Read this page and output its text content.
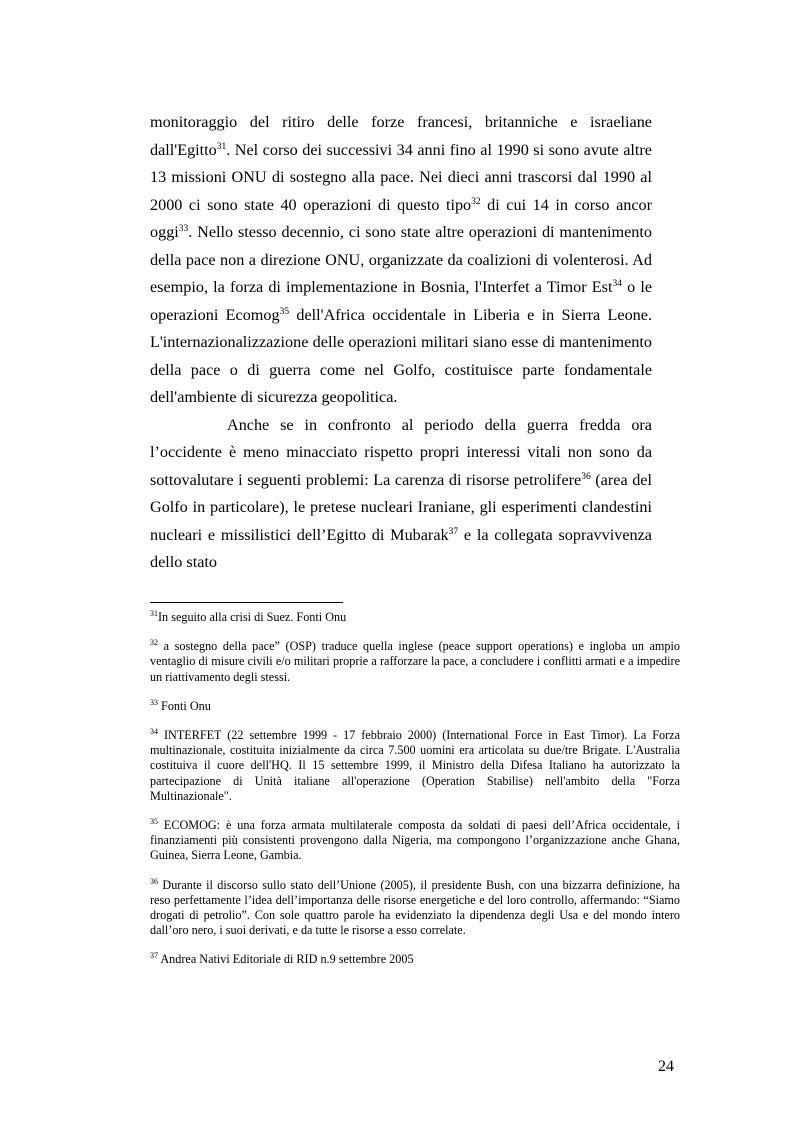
monitoraggio del ritiro delle forze francesi, britanniche e israeliane dall'Egitto$^{31}$. Nel corso dei successivi 34 anni fino al 1990 si sono avute altre 13 missioni ONU di sostegno alla pace. Nei dieci anni trascorsi dal 1990 al 2000 ci sono state 40 operazioni di questo tipo$^{32}$ di cui 14 in corso ancor oggi$^{33}$. Nello stesso decennio, ci sono state altre operazioni di mantenimento della pace non a direzione ONU, organizzate da coalizioni di volenterosi. Ad esempio, la forza di implementazione in Bosnia, l'Interfet a Timor Est$^{34}$ o le operazioni Ecomog$^{35}$ dell'Africa occidentale in Liberia e in Sierra Leone. L'internazionalizzazione delle operazioni militari siano esse di mantenimento della pace o di guerra come nel Golfo, costituisce parte fondamentale dell'ambiente di sicurezza geopolitica.

Anche se in confronto al periodo della guerra fredda ora l’occidente è meno minacciato rispetto propri interessi vitali non sono da sottovalutare i seguenti problemi: La carenza di risorse petrolifere$^{36}$ (area del Golfo in particolare), le pretese nucleari Iraniane, gli esperimenti clandestini nucleari e missilistici dell’Egitto di Mubarak$^{37}$ e la collegata sopravvivenza dello stato

$^{31}$In seguito alla crisi di Suez. Fonti Onu

$^{32}$ a sostegno della pace” (OSP) traduce quella inglese (peace support operations) e ingloba un ampio ventaglio di misure civili e/o militari proprie a rafforzare la pace, a concludere i conflitti armati e a impedire un riattivamento degli stessi.

$^{33}$ Fonti Onu

$^{34}$ INTERFET (22 settembre 1999 - 17 febbraio 2000) (International Force in East Timor). La Forza multinazionale, costituita inizialmente da circa 7.500 uomini era articolata su due/tre Brigate. L'Australia costituiva il cuore dell'HQ. Il 15 settembre 1999, il Ministro della Difesa Italiano ha autorizzato la partecipazione di Unità italiane all'operazione (Operation Stabilise) nell'ambito della "Forza Multinazionale".

$^{35}$ ECOMOG: è una forza armata multilaterale composta da soldati di paesi dell’Africa occidentale, i finanziamenti più consistenti provengono dalla Nigeria, ma compongono l’organizzazione anche Ghana, Guinea, Sierra Leone, Gambia.

$^{36}$ Durante il discorso sullo stato dell’Unione (2005), il presidente Bush, con una bizzarra definizione, ha reso perfettamente l’idea dell’importanza delle risorse energetiche e del loro controllo, affermando: “Siamo drogati di petrolio”. Con sole quattro parole ha evidenziato la dipendenza degli Usa e del mondo intero dall’oro nero, i suoi derivati, e da tutte le risorse a esso correlate.

$^{37}$ Andrea Nativi Editoriale di RID n.9 settembre 2005

24
